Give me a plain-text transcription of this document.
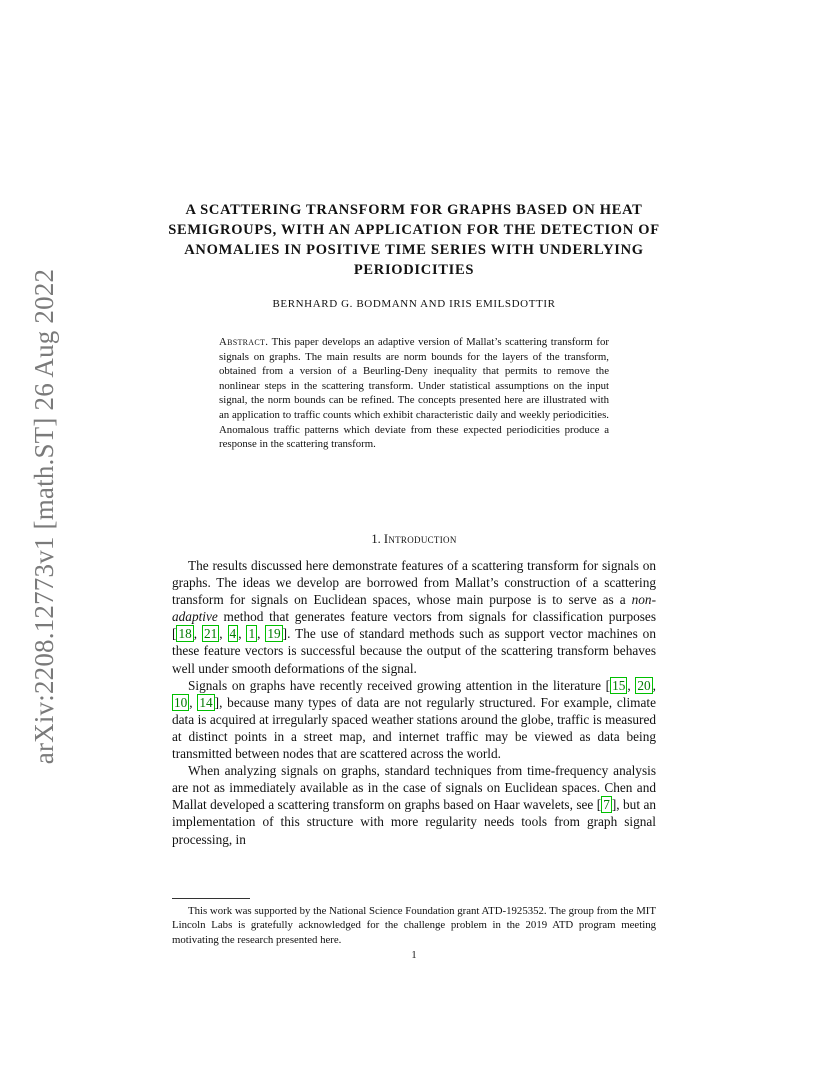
arXiv:2208.12773v1 [math.ST] 26 Aug 2022
A SCATTERING TRANSFORM FOR GRAPHS BASED ON HEAT SEMIGROUPS, WITH AN APPLICATION FOR THE DETECTION OF ANOMALIES IN POSITIVE TIME SERIES WITH UNDERLYING PERIODICITIES
BERNHARD G. BODMANN AND IRIS EMILSDOTTIR
Abstract. This paper develops an adaptive version of Mallat’s scattering transform for signals on graphs. The main results are norm bounds for the layers of the transform, obtained from a version of a Beurling-Deny inequality that permits to remove the nonlinear steps in the scattering transform. Under statistical assumptions on the input signal, the norm bounds can be refined. The concepts presented here are illustrated with an application to traffic counts which exhibit characteristic daily and weekly periodicities. Anomalous traffic patterns which deviate from these expected periodicities produce a response in the scattering transform.
1. Introduction

The results discussed here demonstrate features of a scattering transform for signals on graphs. The ideas we develop are borrowed from Mallat’s construction of a scattering transform for signals on Euclidean spaces, whose main purpose is to serve as a non-adaptive method that generates feature vectors from signals for classification purposes [ 18 , 21 , 4 , 1 , 19 ]. The use of standard methods such as support vector machines on these feature vectors is successful because the output of the scattering transform behaves well under smooth deformations of the signal.

Signals on graphs have recently received growing attention in the literature [ 15 , 20 , 10 , 14 ], because many types of data are not regularly structured. For example, climate data is acquired at irregularly spaced weather stations around the globe, traffic is measured at distinct points in a street map, and internet traffic may be viewed as data being transmitted between nodes that are scattered across the world.

When analyzing signals on graphs, standard techniques from time-frequency analysis are not as immediately available as in the case of signals on Euclidean spaces. Chen and Mallat developed a scattering transform on graphs based on Haar wavelets, see [ 7 ], but an implementation of this structure with more regularity needs tools from graph signal processing, in

This work was supported by the National Science Foundation grant ATD-1925352. The group from the MIT Lincoln Labs is gratefully acknowledged for the challenge problem in the 2019 ATD program meeting motivating the research presented here.

1
